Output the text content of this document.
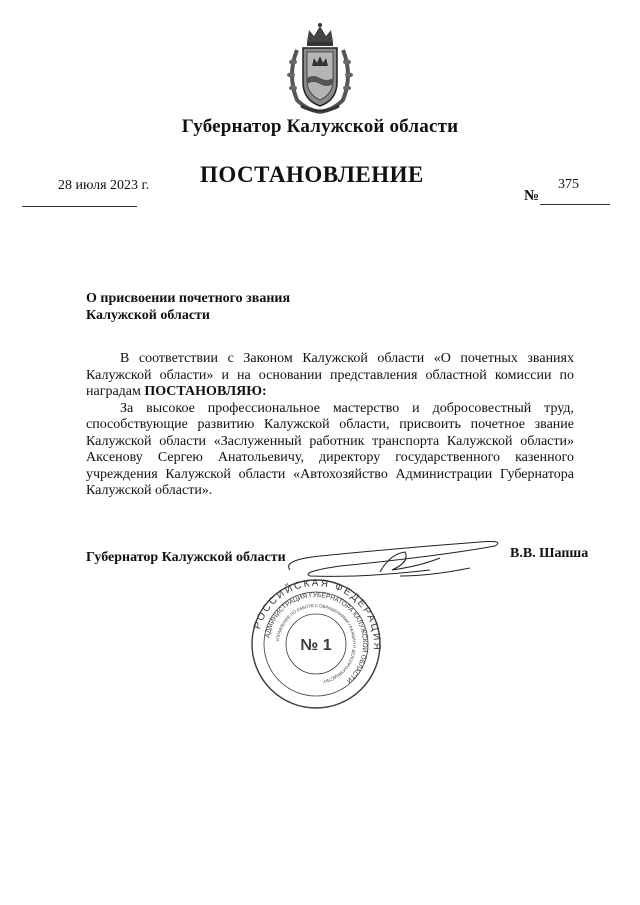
Губернатор Калужской области
28 июля 2023 г. ПОСТАНОВЛЕНИЕ	375
№
О присвоении почетного звания
Калужской области

В соответствии с Законом Калужской области «О почетных званиях Калужской области» и на основании представления областной комиссии по наградам ПОСТАНОВЛЯЮ:

За высокое профессиональное мастерство и добросовестный труд, способствующие развитию Калужской области, присвоить почетное звание Калужской области «Заслуженный работник транспорта Калужской области» Аксенову Сергею Анатольевичу, директору государственного казенного учреждения Калужской области «Автохозяйство Администрации Губернатора Калужской области».

Губернатор Калужской области	В.В. Шапша
РОССИЙСКАЯ ФЕДЕРАЦИЯ
АДМИНИСТРАЦИЯ ГУБЕРНАТОРА КАЛУЖСКОЙ ОБЛАСТИ
УПРАВЛЕНИЕ ПО РАБОТЕ С ОБРАЩЕНИЯМИ ГРАЖДАН И ДЕЛОПРОИЗВОДСТВУ
№ 1
